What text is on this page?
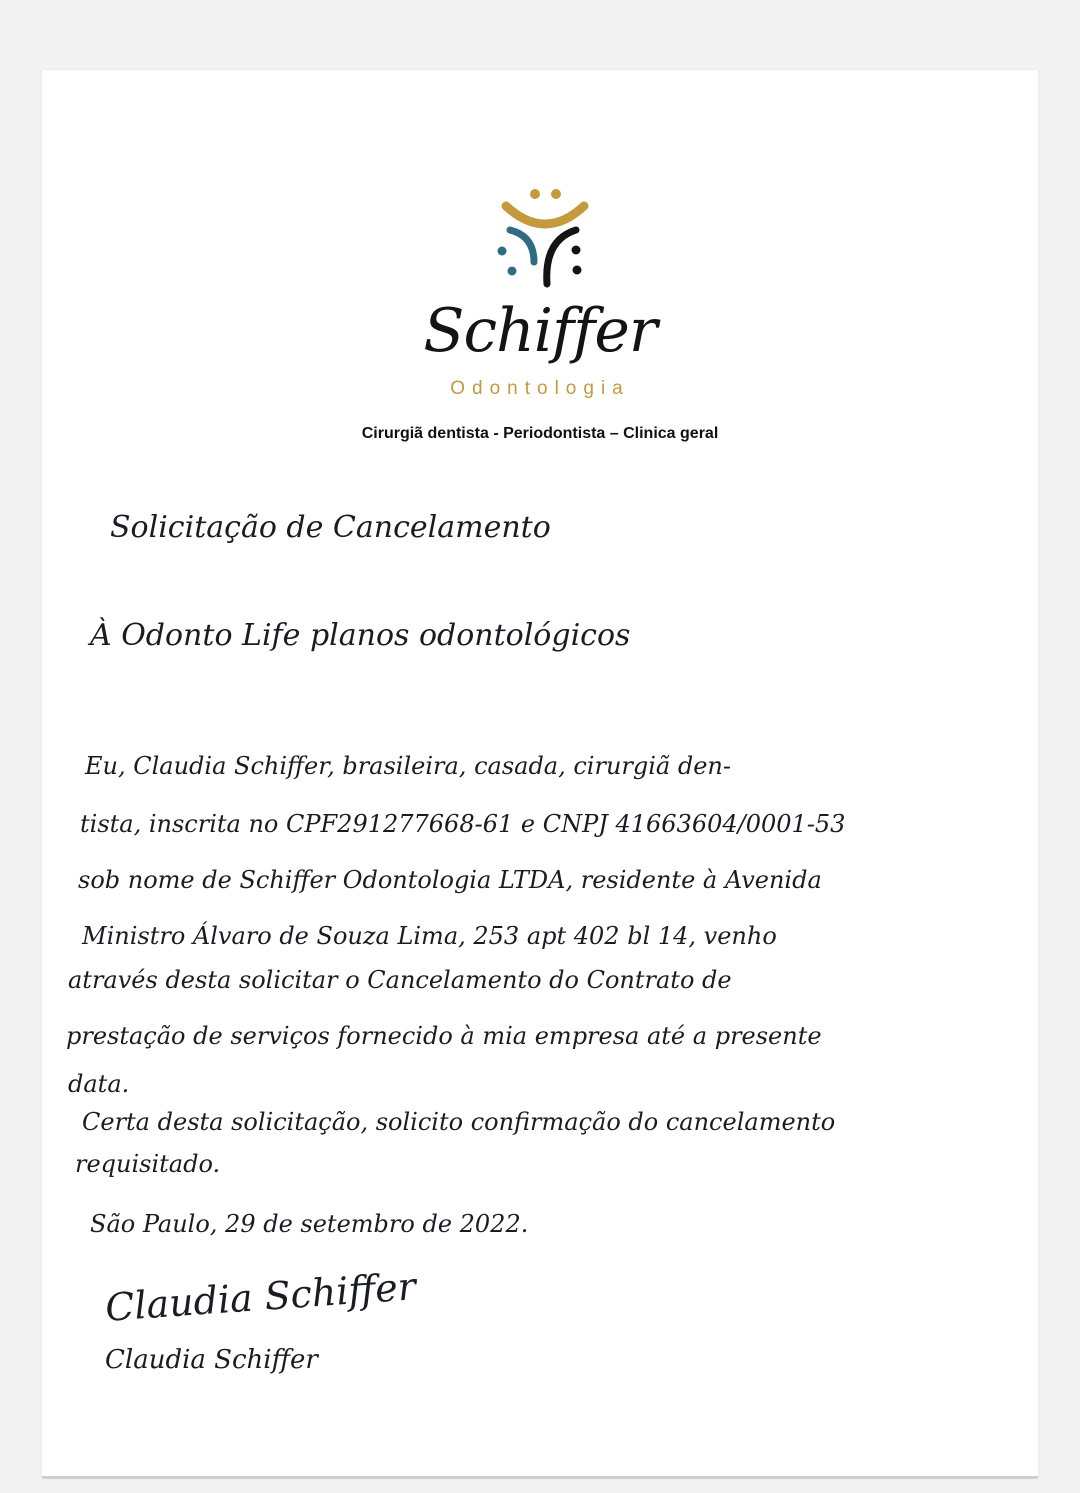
Schiffer
Odontologia
Cirurgiã dentista - Periodontista – Clinica geral
Solicitação de Cancelamento
À Odonto Life planos odontológicos
Eu, Claudia Schiffer, brasileira, casada, cirurgiã den-
tista, inscrita no CPF291277668-61 e CNPJ 41663604/0001-53
sob nome de Schiffer Odontologia LTDA, residente à Avenida
Ministro Álvaro de Souza Lima, 253 apt 402 bl 14, venho
através desta solicitar o Cancelamento do Contrato de
prestação de serviços fornecido à mia empresa até a presente
data.
Certa desta solicitação, solicito confirmação do cancelamento
requisitado.
São Paulo, 29 de setembro de 2022.
Claudia Schiffer
Claudia Schiffer
